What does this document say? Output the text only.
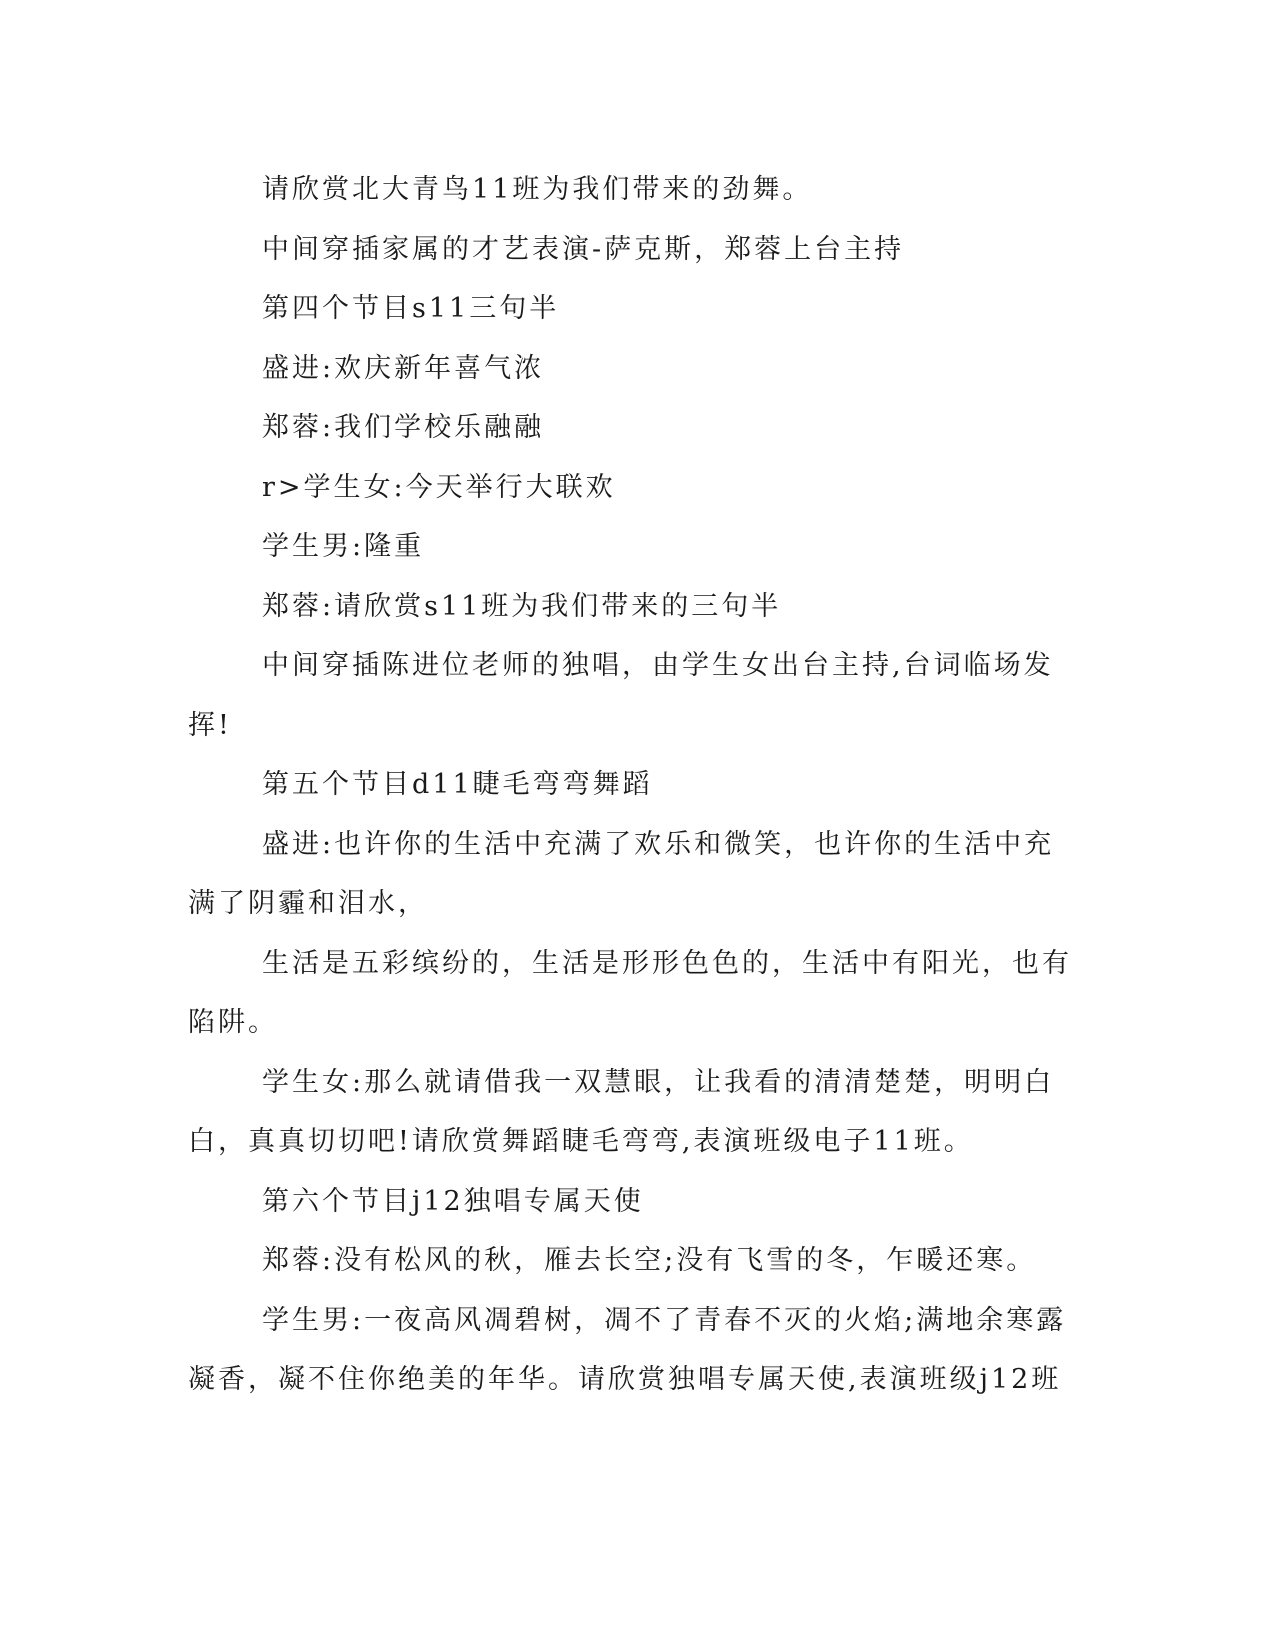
请欣赏北大青鸟11班为我们带来的劲舞。

中间穿插家属的才艺表演-萨克斯，郑蓉上台主持

第四个节目s11三句半

盛进:欢庆新年喜气浓

郑蓉:我们学校乐融融

r>学生女:今天举行大联欢

学生男:隆重

郑蓉:请欣赏s11班为我们带来的三句半

中间穿插陈进位老师的独唱，由学生女出台主持,台词临场发挥!

第五个节目d11睫毛弯弯舞蹈

盛进:也许你的生活中充满了欢乐和微笑，也许你的生活中充满了阴霾和泪水，

生活是五彩缤纷的，生活是形形色色的，生活中有阳光，也有陷阱。

学生女:那么就请借我一双慧眼，让我看的清清楚楚，明明白白，真真切切吧!请欣赏舞蹈睫毛弯弯,表演班级电子11班。

第六个节目j12独唱专属天使

郑蓉:没有松风的秋，雁去长空;没有飞雪的冬，乍暖还寒。

学生男:一夜高风凋碧树，凋不了青春不灭的火焰;满地余寒露凝香，凝不住你绝美的年华。请欣赏独唱专属天使,表演班级j12班
